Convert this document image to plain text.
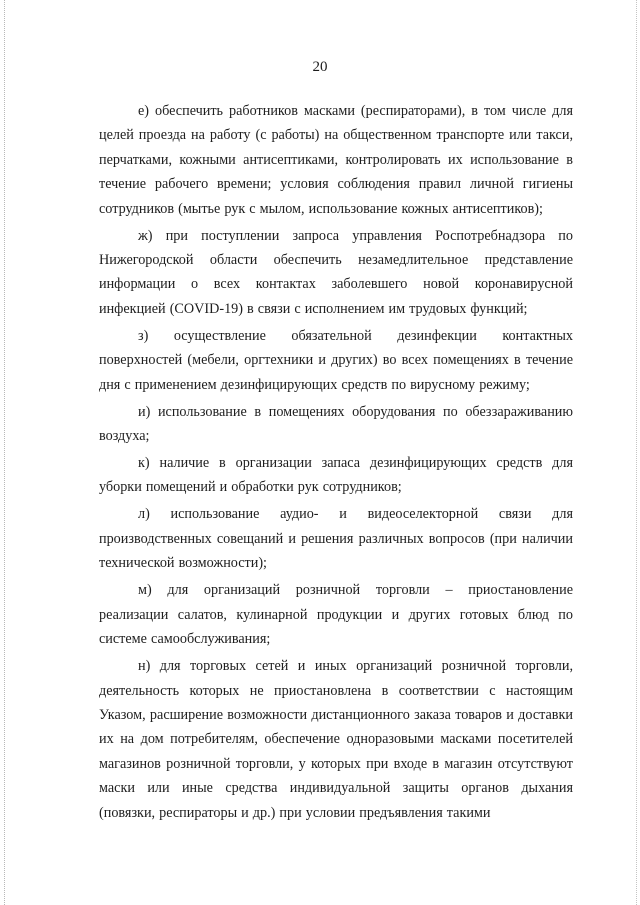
20

е) обеспечить работников масками (респираторами), в том числе для целей проезда на работу (с работы) на общественном транспорте или такси, перчатками, кожными антисептиками, контролировать их использование в течение рабочего времени; условия соблюдения правил личной гигиены сотрудников (мытье рук с мылом, использование кожных антисептиков);

ж) при поступлении запроса управления Роспотребнадзора по Нижегородской области обеспечить незамедлительное представление информации о всех контактах заболевшего новой коронавирусной инфекцией (COVID-19) в связи с исполнением им трудовых функций;

з) осуществление обязательной дезинфекции контактных поверхностей (мебели, оргтехники и других) во всех помещениях в течение дня с применением дезинфицирующих средств по вирусному режиму;

и) использование в помещениях оборудования по обеззараживанию воздуха;

к) наличие в организации запаса дезинфицирующих средств для уборки помещений и обработки рук сотрудников;

л) использование аудио- и видеоселекторной связи для производственных совещаний и решения различных вопросов (при наличии технической возможности);

м) для организаций розничной торговли – приостановление реализации салатов, кулинарной продукции и других готовых блюд по системе самообслуживания;

н) для торговых сетей и иных организаций розничной торговли, деятельность которых не приостановлена в соответствии с настоящим Указом, расширение возможности дистанционного заказа товаров и доставки их на дом потребителям, обеспечение одноразовыми масками посетителей магазинов розничной торговли, у которых при входе в магазин отсутствуют маски или иные средства индивидуальной защиты органов дыхания (повязки, респираторы и др.) при условии предъявления такими
